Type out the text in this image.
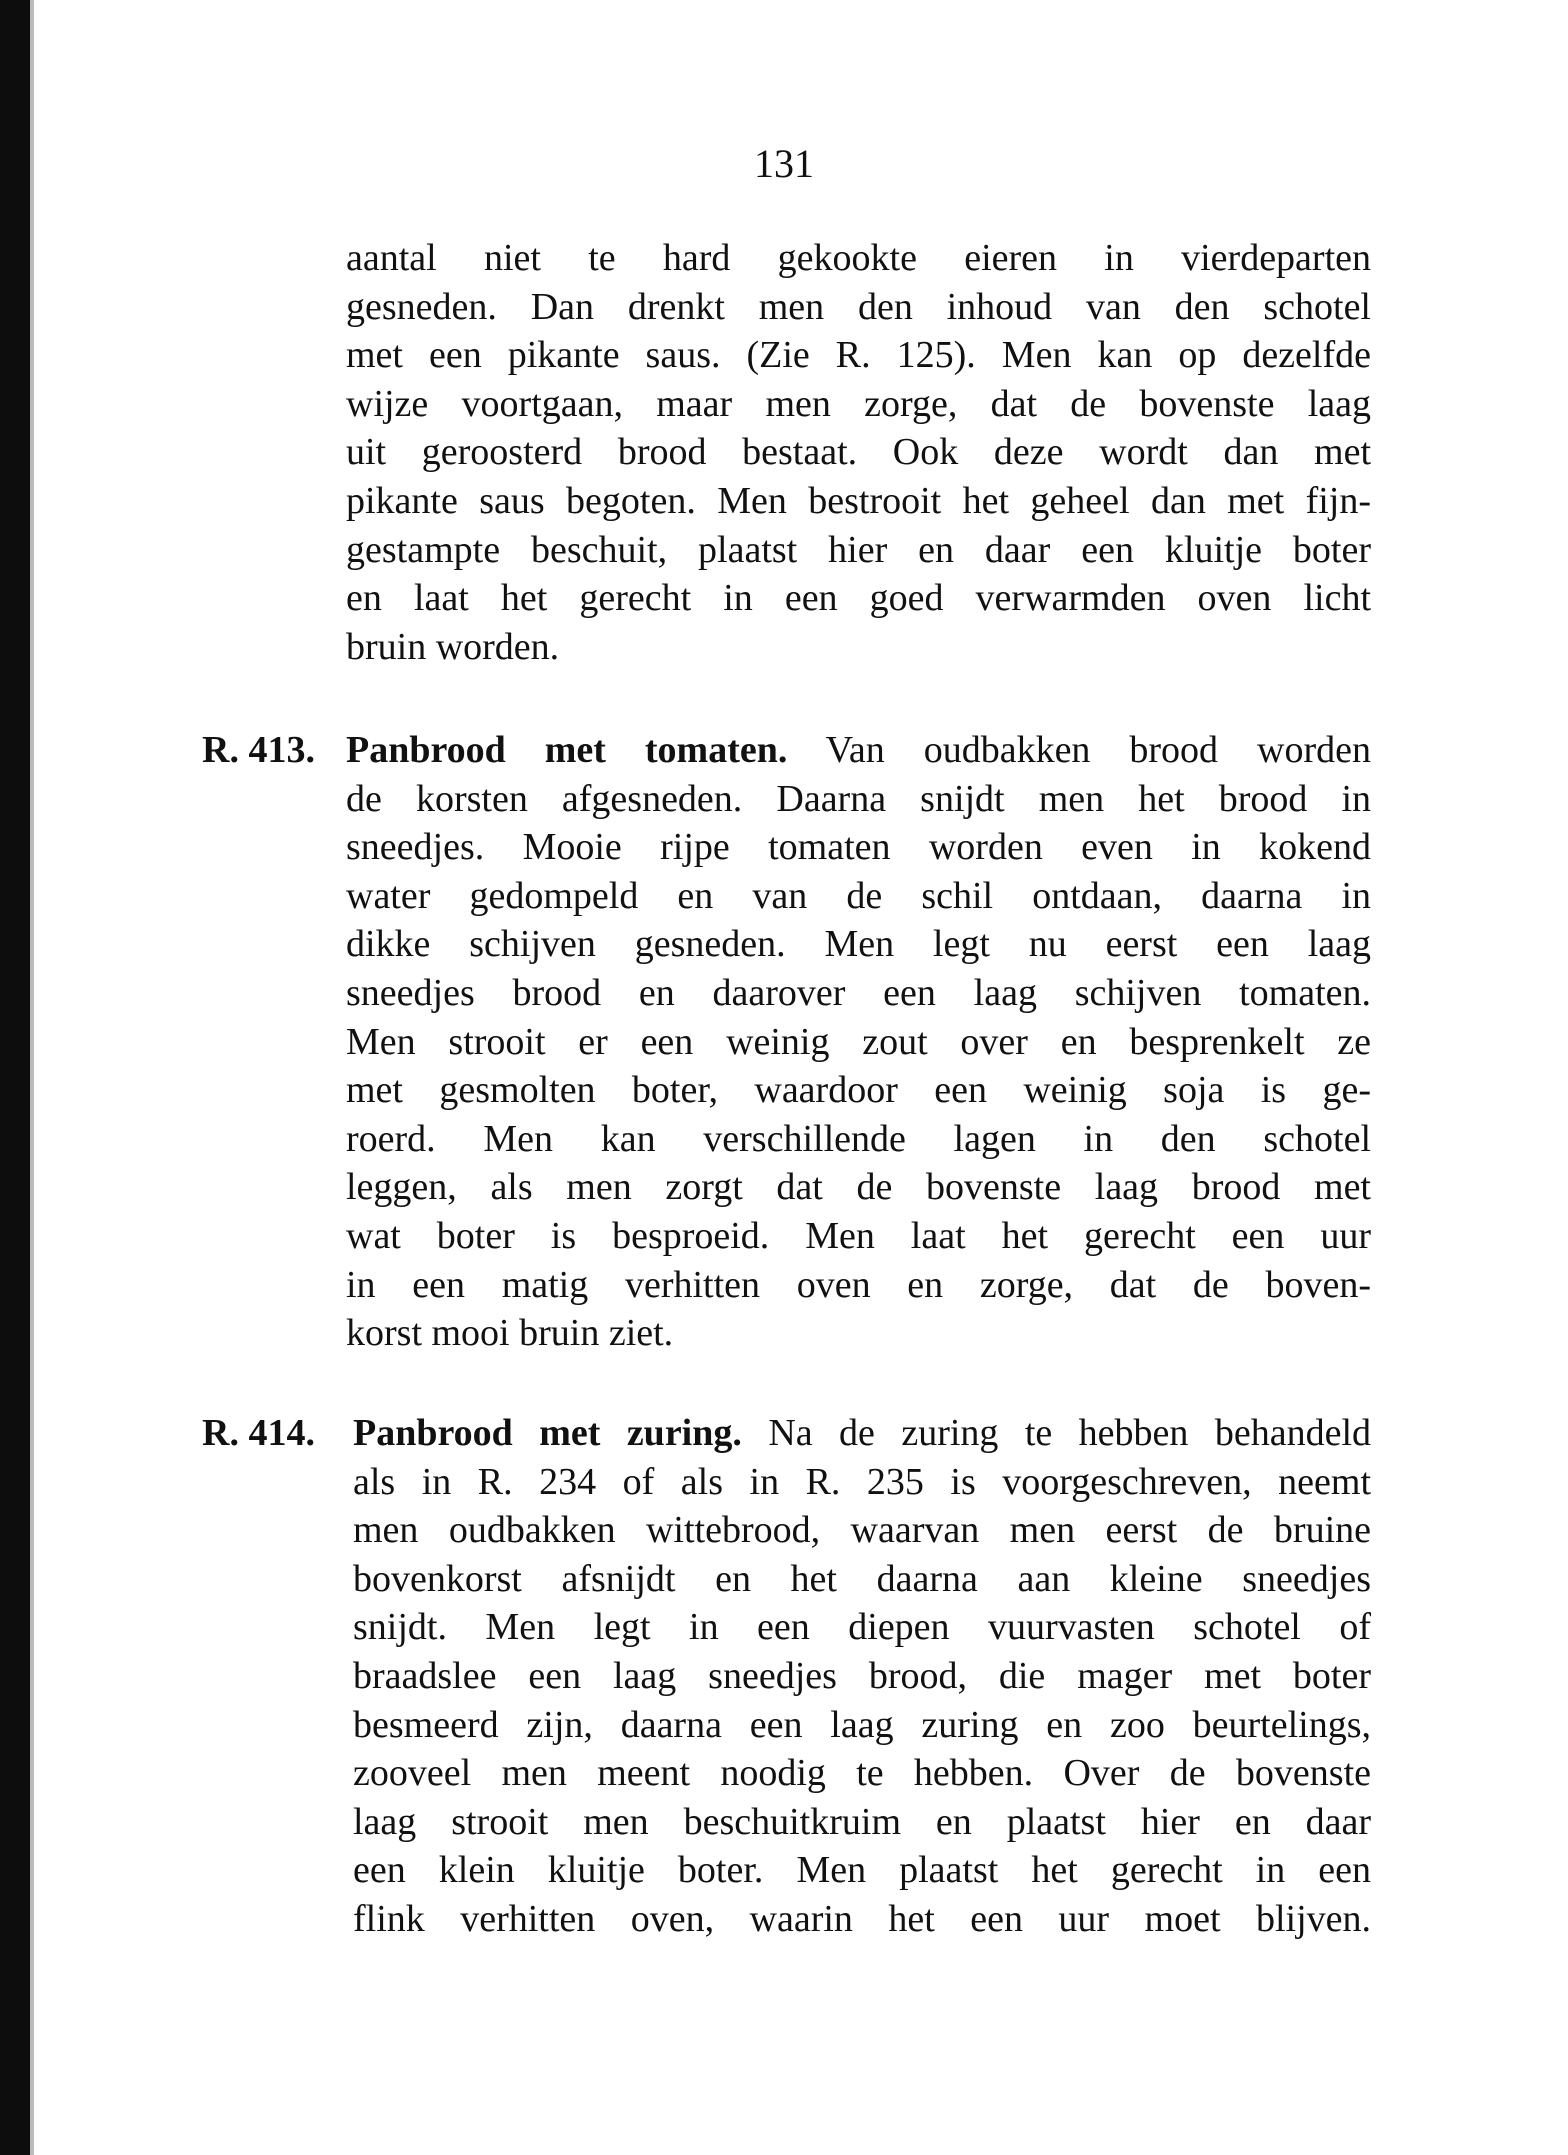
131
aantal niet te hard gekookte eieren in vierdeparten
gesneden. Dan drenkt men den inhoud van den schotel
met een pikante saus. (Zie R. 125). Men kan op dezelfde
wijze voortgaan, maar men zorge, dat de bovenste laag
uit geroosterd brood bestaat. Ook deze wordt dan met
pikante saus begoten. Men bestrooit het geheel dan met fijn-
gestampte beschuit, plaatst hier en daar een kluitje boter
en laat het gerecht in een goed verwarmden oven licht
bruin worden.
R. 413. Panbrood met tomaten. Van oudbakken brood worden
de korsten afgesneden. Daarna snijdt men het brood in
sneedjes. Mooie rijpe tomaten worden even in kokend
water gedompeld en van de schil ontdaan, daarna in
dikke schijven gesneden. Men legt nu eerst een laag
sneedjes brood en daarover een laag schijven tomaten.
Men strooit er een weinig zout over en besprenkelt ze
met gesmolten boter, waardoor een weinig soja is ge-
roerd. Men kan verschillende lagen in den schotel
leggen, als men zorgt dat de bovenste laag brood met
wat boter is besproeid. Men laat het gerecht een uur
in een matig verhitten oven en zorge, dat de boven-
korst mooi bruin ziet.
R. 414. Panbrood met zuring. Na de zuring te hebben behandeld
als in R. 234 of als in R. 235 is voorgeschreven, neemt
men oudbakken wittebrood, waarvan men eerst de bruine
bovenkorst afsnijdt en het daarna aan kleine sneedjes
snijdt. Men legt in een diepen vuurvasten schotel of
braadslee een laag sneedjes brood, die mager met boter
besmeerd zijn, daarna een laag zuring en zoo beurtelings,
zooveel men meent noodig te hebben. Over de bovenste
laag strooit men beschuitkruim en plaatst hier en daar
een klein kluitje boter. Men plaatst het gerecht in een
flink verhitten oven, waarin het een uur moet blijven.
